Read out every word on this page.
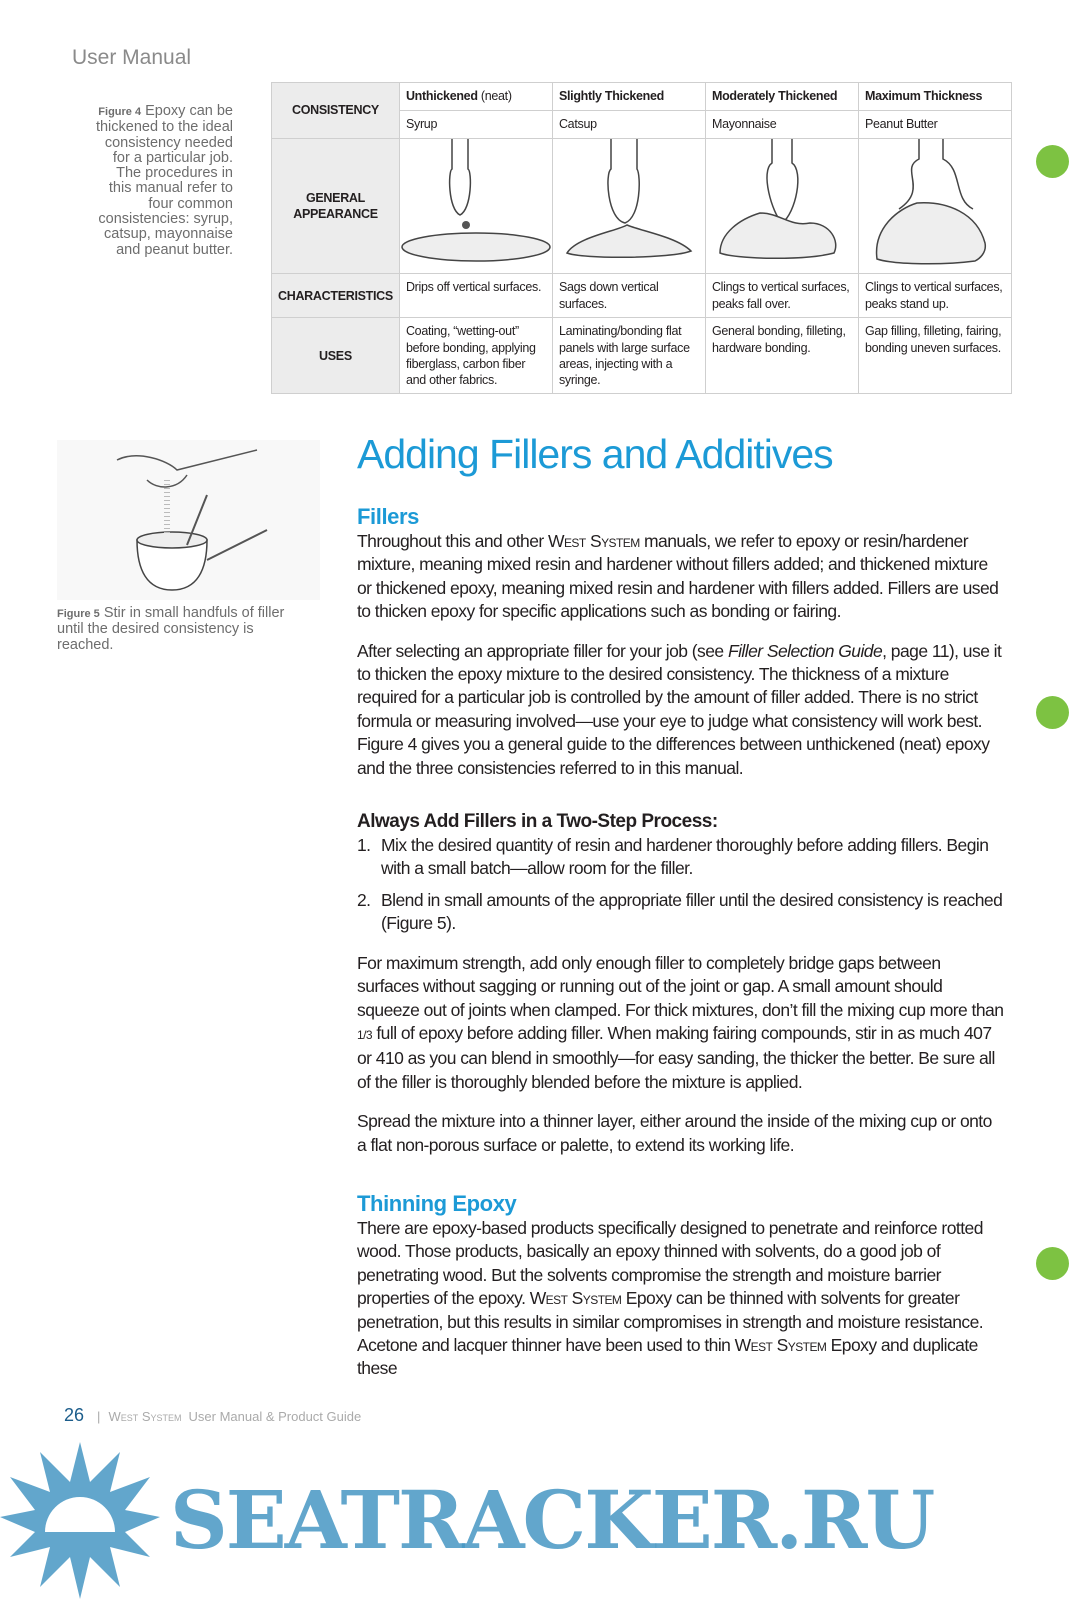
User Manual
Figure 4 Epoxy can be thickened to the ideal consistency needed for a particular job. The procedures in this manual refer to four common consistencies: syrup, catsup, mayonnaise and peanut butter.
CONSISTENCY	Unthickened (neat)	Slightly Thickened	Moderately Thickened	Maximum Thickness
	Syrup	Catsup	Mayonnaise	Peanut Butter
GENERAL APPEARANCE				
CHARACTERISTICS	Drips off vertical surfaces.	Sags down vertical surfaces.	Clings to vertical surfaces, peaks fall over.	Clings to vertical surfaces, peaks stand up.
USES	Coating, “wetting-out” before bonding, applying fiberglass, carbon fiber and other fabrics.	Laminating/bonding flat panels with large surface areas, injecting with a syringe.	General bonding, filleting, hardware bonding.	Gap filling, filleting, fairing, bonding uneven surfaces.
Figure 5 Stir in small handfuls of filler until the desired consistency is reached.
Adding Fillers and Additives
Fillers

Throughout this and other West System manuals, we refer to epoxy or resin/hardener mixture, meaning mixed resin and hardener without fillers added; and thickened mixture or thickened epoxy, meaning mixed resin and hardener with fillers added. Fillers are used to thicken epoxy for specific applications such as bonding or fairing.

After selecting an appropriate filler for your job (see Filler Selection Guide, page 11), use it to thicken the epoxy mixture to the desired consistency. The thickness of a mixture required for a particular job is controlled by the amount of filler added. There is no strict formula or measuring involved—use your eye to judge what consistency will work best. Figure 4 gives you a general guide to the differences between unthickened (neat) epoxy and the three consistencies referred to in this manual.

Always Add Fillers in a Two-Step Process:
1. Mix the desired quantity of resin and hardener thoroughly before adding fillers. Begin with a small batch—allow room for the filler.
2. Blend in small amounts of the appropriate filler until the desired consistency is reached (Figure 5).

For maximum strength, add only enough filler to completely bridge gaps between surfaces without sagging or running out of the joint or gap. A small amount should squeeze out of joints when clamped. For thick mixtures, don’t fill the mixing cup more than 1/3 full of epoxy before adding filler. When making fairing compounds, stir in as much 407 or 410 as you can blend in smoothly—for easy sanding, the thicker the better. Be sure all of the filler is thoroughly blended before the mixture is applied.

Spread the mixture into a thinner layer, either around the inside of the mixing cup or onto a flat non-porous surface or palette, to extend its working life.

Thinning Epoxy

There are epoxy-based products specifically designed to penetrate and reinforce rotted wood. Those products, basically an epoxy thinned with solvents, do a good job of penetrating wood. But the solvents compromise the strength and moisture barrier properties of the epoxy. West System Epoxy can be thinned with solvents for greater penetration, but this results in similar compromises in strength and moisture resistance. Acetone and lacquer thinner have been used to thin West System Epoxy and duplicate these

26 | West System User Manual & Product Guide
SEATRACKER.RU
